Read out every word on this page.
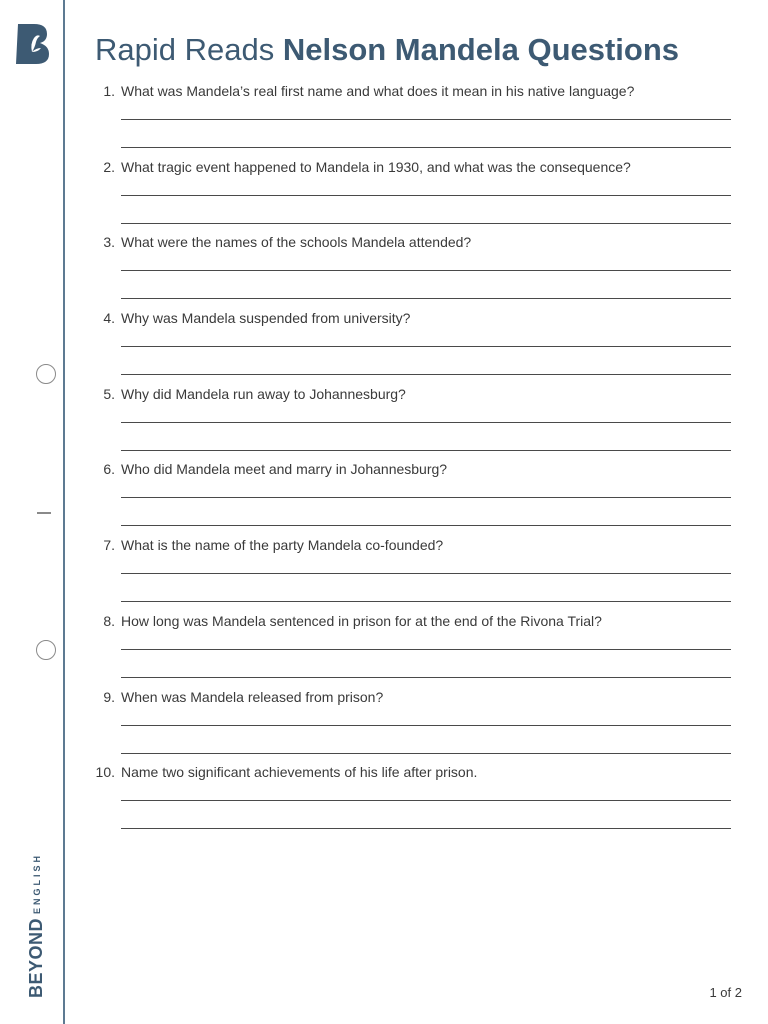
BEYONDENGLISH
Rapid Reads Nelson Mandela Questions
1. What was Mandela’s real first name and what does it mean in his native language?
2. What tragic event happened to Mandela in 1930, and what was the consequence?
3. What were the names of the schools Mandela attended?
4. Why was Mandela suspended from university?
5. Why did Mandela run away to Johannesburg?
6. Who did Mandela meet and marry in Johannesburg?
7. What is the name of the party Mandela co-founded?
8. How long was Mandela sentenced in prison for at the end of the Rivona Trial?
9. When was Mandela released from prison?
10. Name two significant achievements of his life after prison.
1 of 2
